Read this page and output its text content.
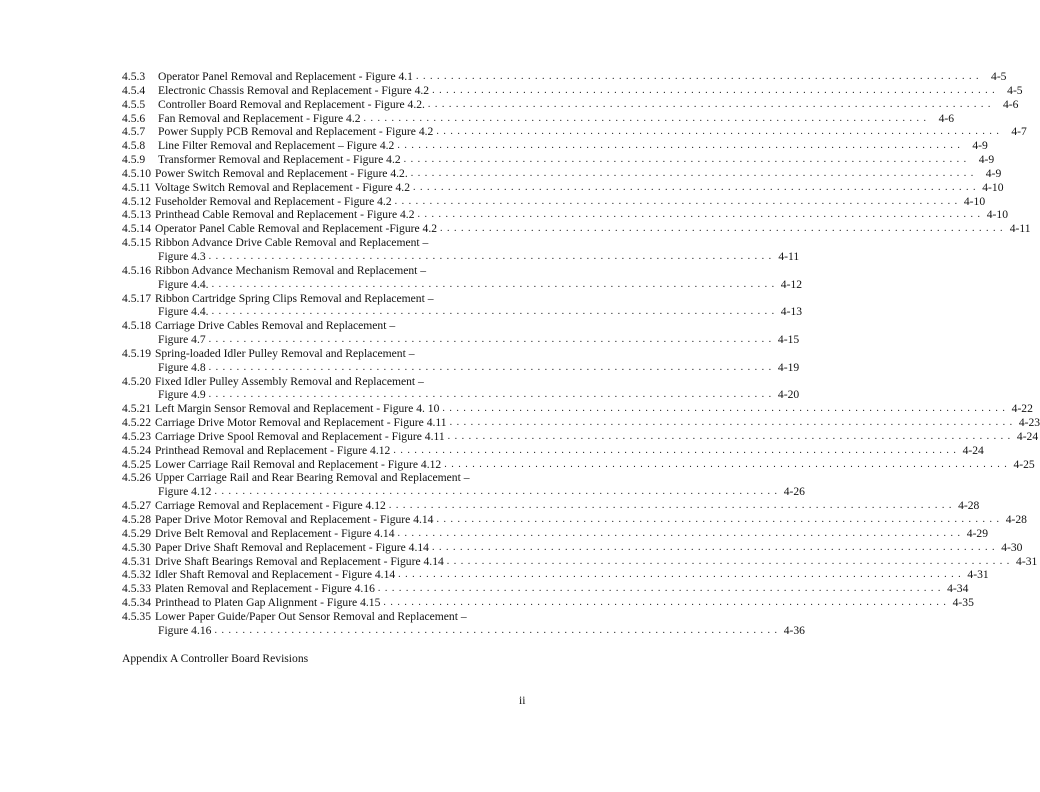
4.5.3	Operator Panel Removal and Replacement - Figure 4.1 . . . . . . . . . . . . . . . . . . . . . . . . . . . . . . . . . . . . . . . . . . . . . . . . . . . . . . . . . . . . . . . . . . . . . . . . . . . . . . . . . 4-5
4.5.4	Electronic Chassis Removal and Replacement - Figure 4.2 . . . . . . . . . . . . . . . . . . . . . . . . . . . . . . . . . . . . . . . . . . . . . . . . . . . . . . . . . . . . . . . . . . . . . . . . . . . . . . . . . 4-5
4.5.5	Controller Board Removal and Replacement - Figure 4.2. . . . . . . . . . . . . . . . . . . . . . . . . . . . . . . . . . . . . . . . . . . . . . . . . . . . . . . . . . . . . . . . . . . . . . . . . . . . . . . . . . 4-6
4.5.6	Fan Removal and Replacement - Figure 4.2 . . . . . . . . . . . . . . . . . . . . . . . . . . . . . . . . . . . . . . . . . . . . . . . . . . . . . . . . . . . . . . . . . . . . . . . . . . . . . . . . . 4-6
4.5.7	Power Supply PCB Removal and Replacement - Figure 4.2 . . . . . . . . . . . . . . . . . . . . . . . . . . . . . . . . . . . . . . . . . . . . . . . . . . . . . . . . . . . . . . . . . . . . . . . . . . . . . . . . . 4-7
4.5.8	Line Filter Removal and Replacement – Figure 4.2 . . . . . . . . . . . . . . . . . . . . . . . . . . . . . . . . . . . . . . . . . . . . . . . . . . . . . . . . . . . . . . . . . . . . . . . . . . . . . . . . . 4-9
4.5.9	Transformer Removal and Replacement - Figure 4.2 . . . . . . . . . . . . . . . . . . . . . . . . . . . . . . . . . . . . . . . . . . . . . . . . . . . . . . . . . . . . . . . . . . . . . . . . . . . . . . . . . 4-9
4.5.10 Power Switch Removal and Replacement - Figure 4.2. . . . . . . . . . . . . . . . . . . . . . . . . . . . . . . . . . . . . . . . . . . . . . . . . . . . . . . . . . . . . . . . . . . . . . . . . . . . . . . . . . 4-9
4.5.11 Voltage Switch Removal and Replacement - Figure 4.2 . . . . . . . . . . . . . . . . . . . . . . . . . . . . . . . . . . . . . . . . . . . . . . . . . . . . . . . . . . . . . . . . . . . . . . . . . . . . . . . . . 4-10
4.5.12 Fuseholder Removal and Replacement - Figure 4.2 . . . . . . . . . . . . . . . . . . . . . . . . . . . . . . . . . . . . . . . . . . . . . . . . . . . . . . . . . . . . . . . . . . . . . . . . . . . . . . . . . 4-10
4.5.13 Printhead Cable Removal and Replacement - Figure 4.2 . . . . . . . . . . . . . . . . . . . . . . . . . . . . . . . . . . . . . . . . . . . . . . . . . . . . . . . . . . . . . . . . . . . . . . . . . . . . . . . . . 4-10
4.5.14 Operator Panel Cable Removal and Replacement -Figure 4.2 . . . . . . . . . . . . . . . . . . . . . . . . . . . . . . . . . . . . . . . . . . . . . . . . . . . . . . . . . . . . . . . . . . . . . . . . . . . . . . . . . 4-11
4.5.15 Ribbon Advance Drive Cable Removal and Replacement –
Figure 4.3 . . . . . . . . . . . . . . . . . . . . . . . . . . . . . . . . . . . . . . . . . . . . . . . . . . . . . . . . . . . . . . . . . . . . . . . . . . . . . . . . . 4-11
4.5.16 Ribbon Advance Mechanism Removal and Replacement –
Figure 4.4. . . . . . . . . . . . . . . . . . . . . . . . . . . . . . . . . . . . . . . . . . . . . . . . . . . . . . . . . . . . . . . . . . . . . . . . . . . . . . . . . . 4-12
4.5.17 Ribbon Cartridge Spring Clips Removal and Replacement –
Figure 4.4. . . . . . . . . . . . . . . . . . . . . . . . . . . . . . . . . . . . . . . . . . . . . . . . . . . . . . . . . . . . . . . . . . . . . . . . . . . . . . . . . . 4-13
4.5.18 Carriage Drive Cables Removal and Replacement –
Figure 4.7 . . . . . . . . . . . . . . . . . . . . . . . . . . . . . . . . . . . . . . . . . . . . . . . . . . . . . . . . . . . . . . . . . . . . . . . . . . . . . . . . . 4-15
4.5.19 Spring-loaded Idler Pulley Removal and Replacement –
Figure 4.8 . . . . . . . . . . . . . . . . . . . . . . . . . . . . . . . . . . . . . . . . . . . . . . . . . . . . . . . . . . . . . . . . . . . . . . . . . . . . . . . . . 4-19
4.5.20 Fixed Idler Pulley Assembly Removal and Replacement –
Figure 4.9 . . . . . . . . . . . . . . . . . . . . . . . . . . . . . . . . . . . . . . . . . . . . . . . . . . . . . . . . . . . . . . . . . . . . . . . . . . . . . . . . . 4-20
4.5.21 Left Margin Sensor Removal and Replacement - Figure 4. 10 . . . . . . . . . . . . . . . . . . . . . . . . . . . . . . . . . . . . . . . . . . . . . . . . . . . . . . . . . . . . . . . . . . . . . . . . . . . . . . . . . 4-22
4.5.22 Carriage Drive Motor Removal and Replacement - Figure 4.11 . . . . . . . . . . . . . . . . . . . . . . . . . . . . . . . . . . . . . . . . . . . . . . . . . . . . . . . . . . . . . . . . . . . . . . . . . . . . . . . . . 4-23
4.5.23 Carriage Drive Spool Removal and Replacement - Figure 4.11 . . . . . . . . . . . . . . . . . . . . . . . . . . . . . . . . . . . . . . . . . . . . . . . . . . . . . . . . . . . . . . . . . . . . . . . . . . . . . . . . . 4-24
4.5.24 Printhead Removal and Replacement - Figure 4.12 . . . . . . . . . . . . . . . . . . . . . . . . . . . . . . . . . . . . . . . . . . . . . . . . . . . . . . . . . . . . . . . . . . . . . . . . . . . . . . . . . 4-24
4.5.25 Lower Carriage Rail Removal and Replacement - Figure 4.12 . . . . . . . . . . . . . . . . . . . . . . . . . . . . . . . . . . . . . . . . . . . . . . . . . . . . . . . . . . . . . . . . . . . . . . . . . . . . . . . . . 4-25
4.5.26 Upper Carriage Rail and Rear Bearing Removal and Replacement –
Figure 4.12 . . . . . . . . . . . . . . . . . . . . . . . . . . . . . . . . . . . . . . . . . . . . . . . . . . . . . . . . . . . . . . . . . . . . . . . . . . . . . . . . . 4-26
4.5.27 Carriage Removal and Replacement - Figure 4.12 . . . . . . . . . . . . . . . . . . . . . . . . . . . . . . . . . . . . . . . . . . . . . . . . . . . . . . . . . . . . . . . . . . . . . . . . . . . . . . . . . 4-28
4.5.28 Paper Drive Motor Removal and Replacement - Figure 4.14 . . . . . . . . . . . . . . . . . . . . . . . . . . . . . . . . . . . . . . . . . . . . . . . . . . . . . . . . . . . . . . . . . . . . . . . . . . . . . . . . . 4-28
4.5.29 Drive Belt Removal and Replacement - Figure 4.14 . . . . . . . . . . . . . . . . . . . . . . . . . . . . . . . . . . . . . . . . . . . . . . . . . . . . . . . . . . . . . . . . . . . . . . . . . . . . . . . . . 4-29
4.5.30 Paper Drive Shaft Removal and Replacement - Figure 4.14 . . . . . . . . . . . . . . . . . . . . . . . . . . . . . . . . . . . . . . . . . . . . . . . . . . . . . . . . . . . . . . . . . . . . . . . . . . . . . . . . . 4-30
4.5.31 Drive Shaft Bearings Removal and Replacement - Figure 4.14 . . . . . . . . . . . . . . . . . . . . . . . . . . . . . . . . . . . . . . . . . . . . . . . . . . . . . . . . . . . . . . . . . . . . . . . . . . . . . . . . . 4-31
4.5.32 Idler Shaft Removal and Replacement - Figure 4.14 . . . . . . . . . . . . . . . . . . . . . . . . . . . . . . . . . . . . . . . . . . . . . . . . . . . . . . . . . . . . . . . . . . . . . . . . . . . . . . . . . 4-31
4.5.33 Platen Removal and Replacement - Figure 4.16 . . . . . . . . . . . . . . . . . . . . . . . . . . . . . . . . . . . . . . . . . . . . . . . . . . . . . . . . . . . . . . . . . . . . . . . . . . . . . . . . . 4-34
4.5.34 Printhead to Platen Gap Alignment - Figure 4.15 . . . . . . . . . . . . . . . . . . . . . . . . . . . . . . . . . . . . . . . . . . . . . . . . . . . . . . . . . . . . . . . . . . . . . . . . . . . . . . . . . 4-35
4.5.35 Lower Paper Guide/Paper Out Sensor Removal and Replacement –
Figure 4.16 . . . . . . . . . . . . . . . . . . . . . . . . . . . . . . . . . . . . . . . . . . . . . . . . . . . . . . . . . . . . . . . . . . . . . . . . . . . . . . . . . 4-36
Appendix A Controller Board Revisions
ii
